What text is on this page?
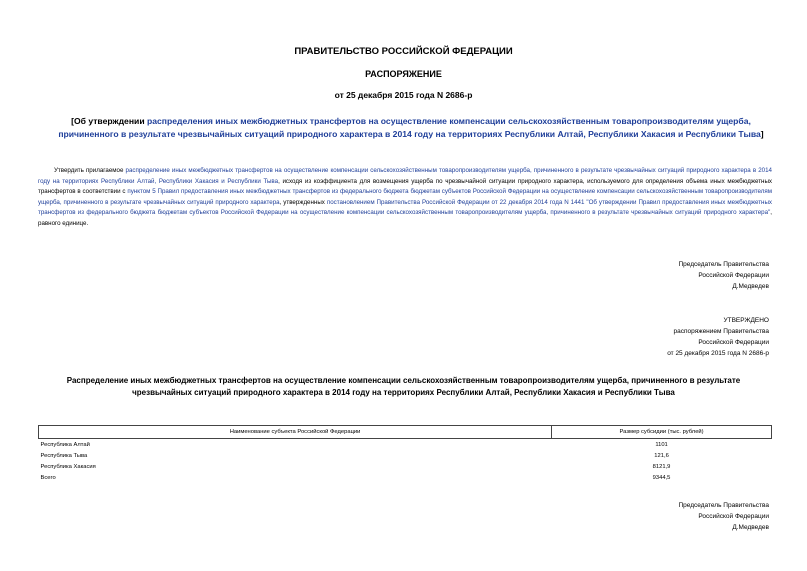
ПРАВИТЕЛЬСТВО РОССИЙСКОЙ ФЕДЕРАЦИИ
РАСПОРЯЖЕНИЕ
от 25 декабря 2015 года N 2686-р
[Об утверждении распределения иных межбюджетных трансфертов на осуществление компенсации сельскохозяйственным товаропроизводителям ущерба, причиненного в результате чрезвычайных ситуаций природного характера в 2014 году на территориях Республики Алтай, Республики Хакасия и Республики Тыва]
Утвердить прилагаемое распределение иных межбюджетных трансфертов на осуществление компенсации сельскохозяйственным товаропроизводителям ущерба, причиненного в результате чрезвычайных ситуаций природного характера в 2014 году на территориях Республики Алтай, Республики Хакасия и Республики Тыва, исходя из коэффициента для возмещения ущерба по чрезвычайной ситуации природного характера, используемого для определения объема иных межбюджетных трансфертов в соответствии с пунктом 5 Правил предоставления иных межбюджетных трансфертов из федерального бюджета бюджетам субъектов Российской Федерации на осуществление компенсации сельскохозяйственным товаропроизводителям ущерба, причиненного в результате чрезвычайных ситуаций природного характера, утвержденных постановлением Правительства Российской Федерации от 22 декабря 2014 года N 1441 "Об утверждении Правил предоставления иных межбюджетных трансфертов из федерального бюджета бюджетам субъектов Российской Федерации на осуществление компенсации сельскохозяйственным товаропроизводителям ущерба, причиненного в результате чрезвычайных ситуаций природного характера", равного единице.
Председатель Правительства
Российской Федерации
Д.Медведев
УТВЕРЖДЕНО
распоряжением Правительства
Российской Федерации
от 25 декабря 2015 года N 2686-р
Распределение иных межбюджетных трансфертов на осуществление компенсации сельскохозяйственным товаропроизводителям ущерба, причиненного в результате чрезвычайных ситуаций природного характера в 2014 году на территориях Республики Алтай, Республики Хакасия и Республики Тыва
Наименование субъекта Российской Федерации	Размер субсидии (тыс. рублей)
Республика Алтай	1101
Республика Тыва	121,6
Республика Хакасия	8121,9
Всего	9344,5
Председатель Правительства
Российской Федерации
Д.Медведев
